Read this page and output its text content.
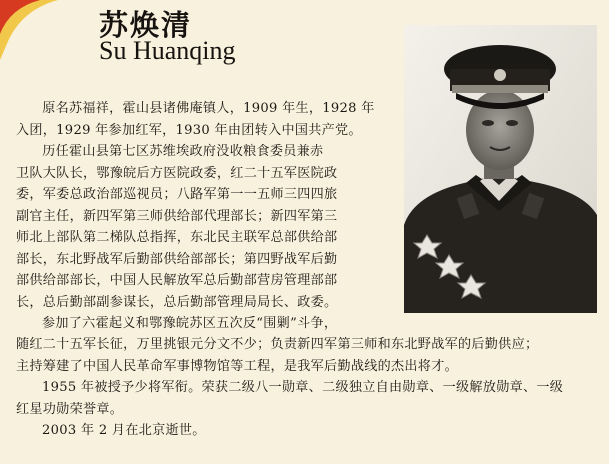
苏焕清
Su Huanqing
原名苏福祥，霍山县诸佛庵镇人，1909 年生，1928 年
入团，1929 年参加红军，1930 年由团转入中国共产党。
历任霍山县第七区苏维埃政府没收粮食委员兼赤
卫队大队长，鄂豫皖后方医院政委，红二十五军医院政
委，军委总政治部巡视员；八路军第一一五师三四四旅
副官主任，新四军第三师供给部代理部长；新四军第三
师北上部队第二梯队总指挥，东北民主联军总部供给部
部长，东北野战军后勤部供给部部长；第四野战军后勤
部供给部部长，中国人民解放军总后勤部营房管理部部
长，总后勤部副参谋长，总后勤部管理局局长、政委。
参加了六霍起义和鄂豫皖苏区五次反“围剿”斗争，
随红二十五军长征，万里挑银元分文不少；负责新四军第三师和东北野战军的后勤供应；
主持筹建了中国人民革命军事博物馆等工程，是我军后勤战线的杰出将才。
1955 年被授予少将军衔。荣获二级八一勋章、二级独立自由勋章、一级解放勋章、一级
红星功勋荣誉章。
2003 年 2 月在北京逝世。
